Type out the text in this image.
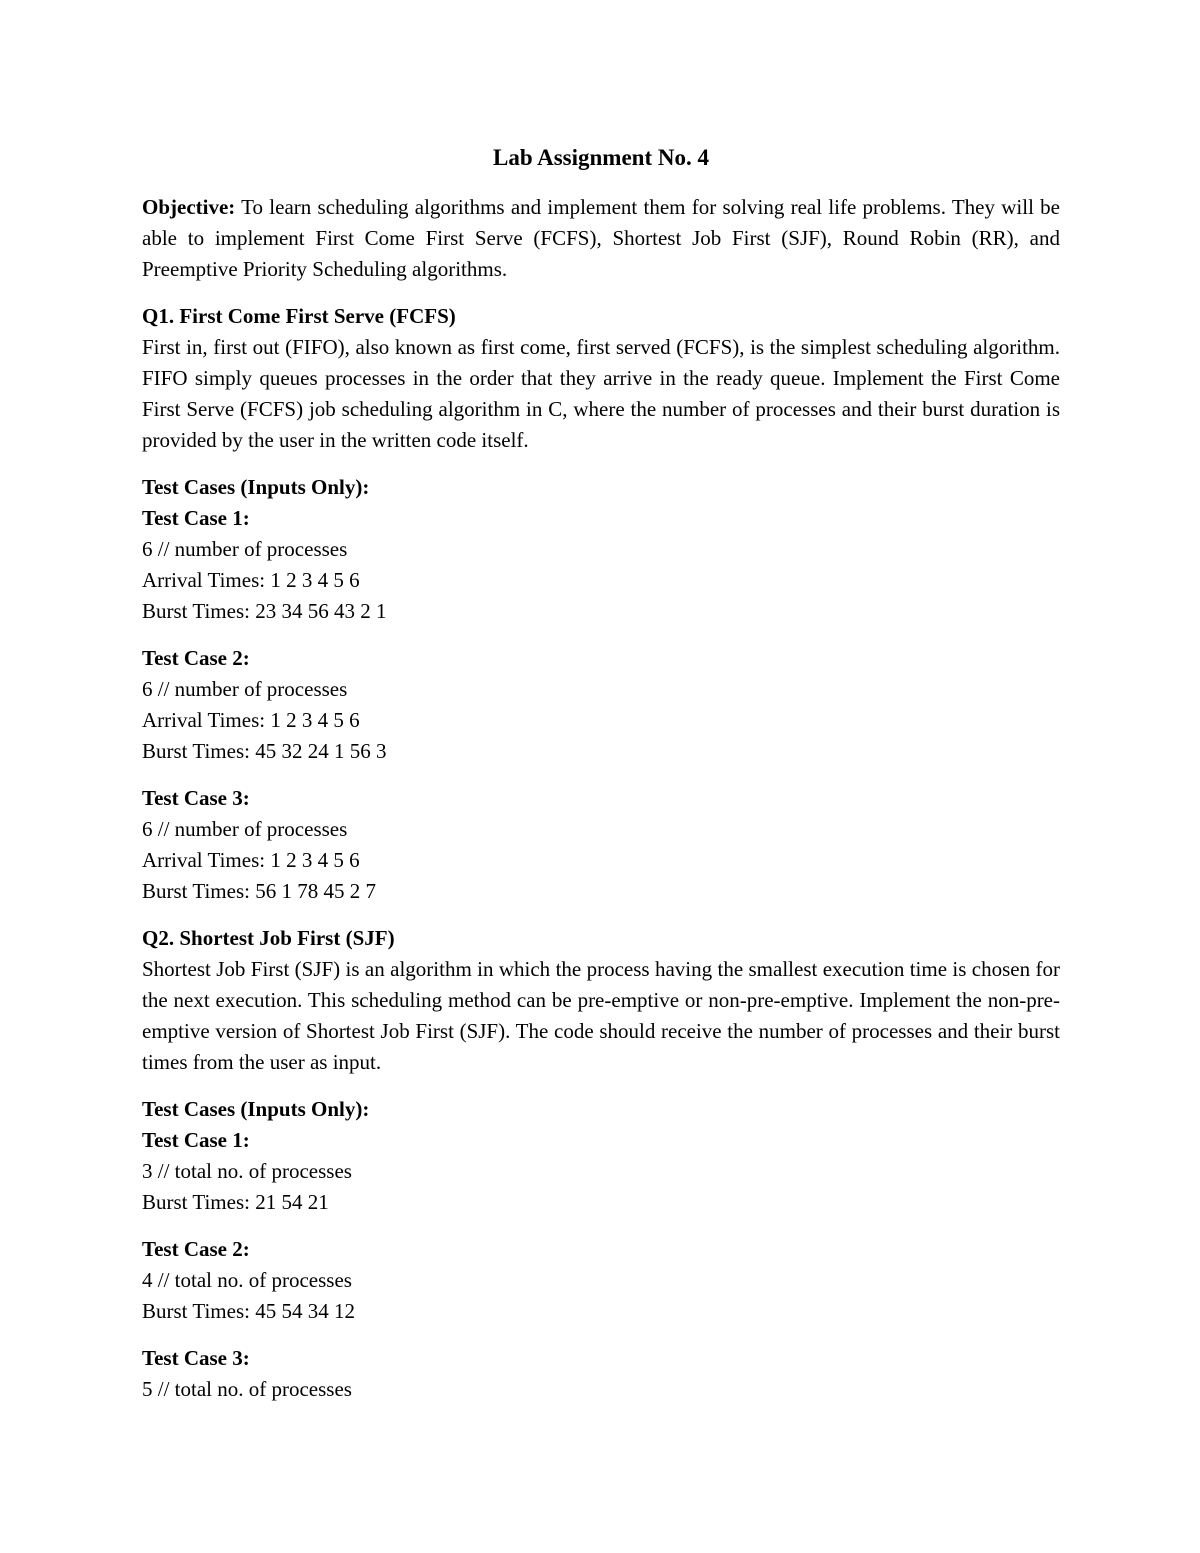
Lab Assignment No. 4

Objective: To learn scheduling algorithms and implement them for solving real life problems. They will be able to implement First Come First Serve (FCFS), Shortest Job First (SJF), Round Robin (RR), and Preemptive Priority Scheduling algorithms.

Q1. First Come First Serve (FCFS)

First in, first out (FIFO), also known as first come, first served (FCFS), is the simplest scheduling algorithm. FIFO simply queues processes in the order that they arrive in the ready queue. Implement the First Come First Serve (FCFS) job scheduling algorithm in C, where the number of processes and their burst duration is provided by the user in the written code itself.

Test Cases (Inputs Only):
Test Case 1:
6 // number of processes
Arrival Times: 1 2 3 4 5 6
Burst Times: 23 34 56 43 2 1
Test Case 2:
6 // number of processes
Arrival Times: 1 2 3 4 5 6
Burst Times: 45 32 24 1 56 3
Test Case 3:
6 // number of processes
Arrival Times: 1 2 3 4 5 6
Burst Times: 56 1 78 45 2 7
Q2. Shortest Job First (SJF)

Shortest Job First (SJF) is an algorithm in which the process having the smallest execution time is chosen for the next execution. This scheduling method can be pre-emptive or non-pre-emptive. Implement the non-pre-emptive version of Shortest Job First (SJF). The code should receive the number of processes and their burst times from the user as input.

Test Cases (Inputs Only):
Test Case 1:
3 // total no. of processes
Burst Times: 21 54 21
Test Case 2:
4 // total no. of processes
Burst Times: 45 54 34 12
Test Case 3:
5 // total no. of processes
